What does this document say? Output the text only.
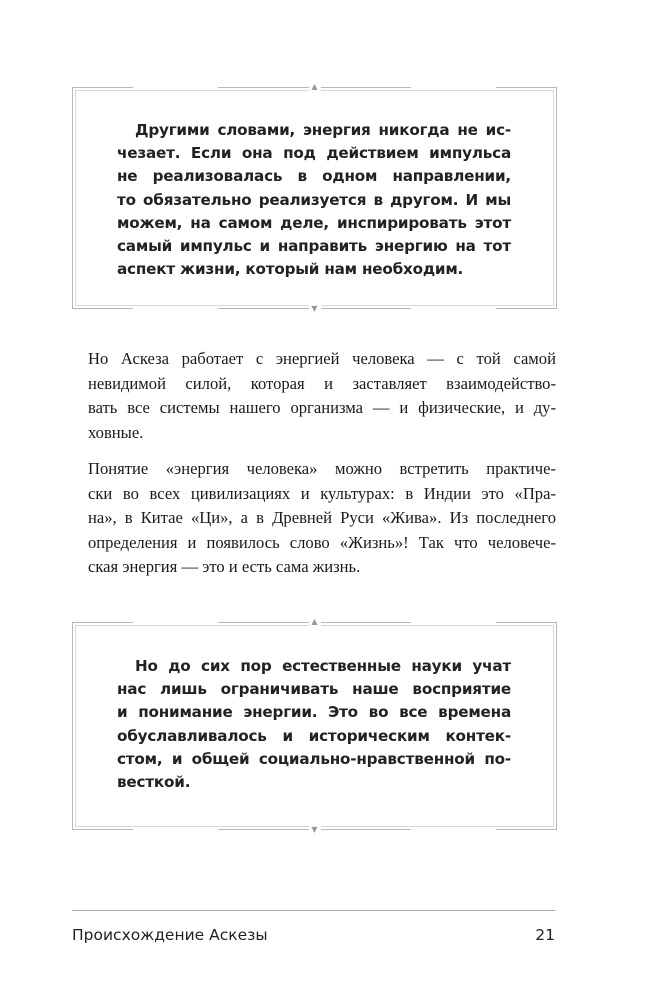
▲
▼
Другими словами, энергия никогда не ис-
чезает. Если она под действием импульса
не реализовалась в одном направлении,
то обязательно реализуется в другом. И мы
можем, на самом деле, инспирировать этот
самый импульс и направить энергию на тот
аспект жизни, который нам необходим.
Но Аскеза работает с энергией человека — с той самой
невидимой силой, которая и заставляет взаимодейство-
вать все системы нашего организма — и физические, и ду-
ховные.
Понятие «энергия человека» можно встретить практиче-
ски во всех цивилизациях и культурах: в Индии это «Пра-
на», в Китае «Ци», а в Древней Руси «Жива». Из последнего
определения и появилось слово «Жизнь»! Так что человече-
ская энергия — это и есть сама жизнь.
▲
▼
Но до сих пор естественные науки учат
нас лишь ограничивать наше восприятие
и понимание энергии. Это во все времена
обуславливалось и историческим контек-
стом, и общей социально-нравственной по-
весткой.
Происхождение Аскезы	21
